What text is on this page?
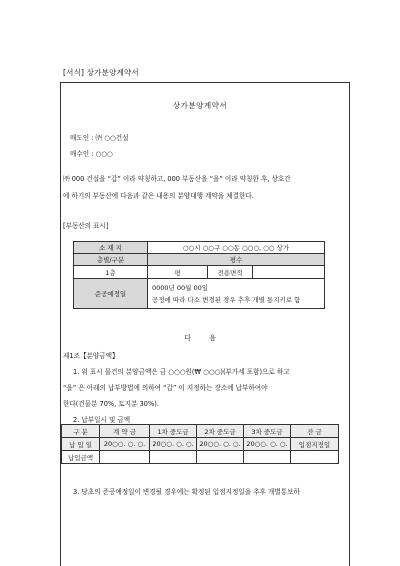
[서식] 상가분양계약서
상가분양계약서
매도인 : ㈜ ○○건설
매수인 : ○○○
㈜ 000 건설을 “갑” 이라 약칭하고, 000 부동산을 “을” 이라 약칭한 후, 상호간
에 하기의 부동산에 다음과 같은 내용의 분양대행 계약을 체결한다.
[부동산의 표시]
소 재 지	○○시 ○○구 ○○동 ○○○, ○○ 상가		
층별/구분	평수		
1층	평	전용면적	
준공예정일	0000년 00월 00일
공정에 따라 다소 변경된 경우 추후 개별 통지키로 함		
다 음
제1조【분양금액】
1. 위 표시 물건의 분양금액은 금 ○○○원(₩ ○○○)(부가세 포함)으로 하고
“을” 은 아래의 납부방법에 의하여 “갑” 이 지정하는 장소에 납부하여야
한다(건물분 70%, 토지분 30%).
2. 납부일시 및 금액
구 분	계 약 금	1차 중도금	2차 중도금	3차 중도금	잔 금
납 입 일	20○○. ○. ○.	20○○. ○. ○.	20○○. ○. ○.	20○○. ○. ○.	입점지정일
납입금액					
3. 당초의 준공예정일이 변경될 경우에는 확정된 입점지정일을 추후 개별통보하
